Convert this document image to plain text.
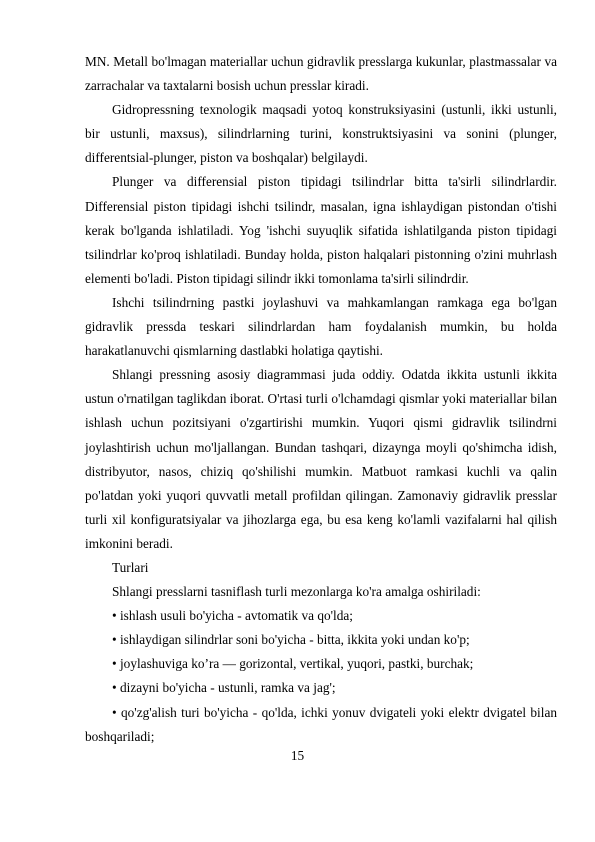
MN. Metall bo'lmagan materiallar uchun gidravlik presslarga kukunlar, plastmassalar va zarrachalar va taxtalarni bosish uchun presslar kiradi.

Gidropressning texnologik maqsadi yotoq konstruksiyasini (ustunli, ikki ustunli, bir ustunli, maxsus), silindrlarning turini, konstruktsiyasini va sonini (plunger, differentsial-plunger, piston va boshqalar) belgilaydi.

Plunger va differensial piston tipidagi tsilindrlar bitta ta'sirli silindrlardir. Differensial piston tipidagi ishchi tsilindr, masalan, igna ishlaydigan pistondan o'tishi kerak bo'lganda ishlatiladi. Yog 'ishchi suyuqlik sifatida ishlatilganda piston tipidagi tsilindrlar ko'proq ishlatiladi. Bunday holda, piston halqalari pistonning o'zini muhrlash elementi bo'ladi. Piston tipidagi silindr ikki tomonlama ta'sirli silindrdir.

Ishchi tsilindrning pastki joylashuvi va mahkamlangan ramkaga ega bo'lgan gidravlik pressda teskari silindrlardan ham foydalanish mumkin, bu holda harakatlanuvchi qismlarning dastlabki holatiga qaytishi.

Shlangi pressning asosiy diagrammasi juda oddiy. Odatda ikkita ustunli ikkita ustun o'rnatilgan taglikdan iborat. O'rtasi turli o'lchamdagi qismlar yoki materiallar bilan ishlash uchun pozitsiyani o'zgartirishi mumkin. Yuqori qismi gidravlik tsilindrni joylashtirish uchun mo'ljallangan. Bundan tashqari, dizaynga moyli qo'shimcha idish, distribyutor, nasos, chiziq qo'shilishi mumkin. Matbuot ramkasi kuchli va qalin po'latdan yoki yuqori quvvatli metall profildan qilingan. Zamonaviy gidravlik presslar turli xil konfiguratsiyalar va jihozlarga ega, bu esa keng ko'lamli vazifalarni hal qilish imkonini beradi.

Turlari

Shlangi presslarni tasniflash turli mezonlarga ko'ra amalga oshiriladi:

• ishlash usuli bo'yicha - avtomatik va qo'lda;

• ishlaydigan silindrlar soni bo'yicha - bitta, ikkita yoki undan ko'p;

• joylashuviga ko’ra — gorizontal, vertikal, yuqori, pastki, burchak;

• dizayni bo'yicha - ustunli, ramka va jag';

• qo'zg'alish turi bo'yicha - qo'lda, ichki yonuv dvigateli yoki elektr dvigatel bilan boshqariladi;

15
